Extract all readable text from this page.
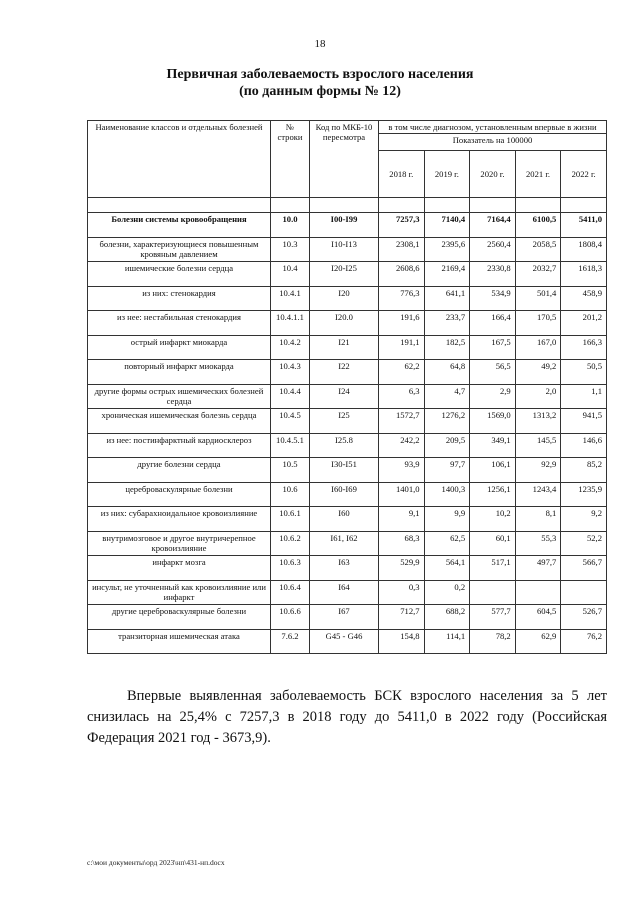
18
Первичная заболеваемость взрослого населения
(по данным формы № 12)
Наименование классов и отдельных болезней	№ строки	Код по МКБ-10 пересмотра	в том числе диагнозом, установленным впервые в жизни				
			Показатель на 100000				
			2018 г.	2019 г.	2020 г.	2021 г.	2022 г.

Болезни системы кровообращения	10.0	I00-I99	7257,3	7140,4	7164,4	6100,5	5411,0
болезни, характеризующиеся повышенным кровяным давлением	10.3	I10-I13	2308,1	2395,6	2560,4	2058,5	1808,4
ишемические болезни сердца	10.4	I20-I25	2608,6	2169,4	2330,8	2032,7	1618,3
из них: стенокардия	10.4.1	I20	776,3	641,1	534,9	501,4	458,9
из нее: нестабильная стенокардия	10.4.1.1	I20.0	191,6	233,7	166,4	170,5	201,2
острый инфаркт миокарда	10.4.2	I21	191,1	182,5	167,5	167,0	166,3
повторный инфаркт миокарда	10.4.3	I22	62,2	64,8	56,5	49,2	50,5
другие формы острых ишемических болезней сердца	10.4.4	I24	6,3	4,7	2,9	2,0	1,1
хроническая ишемическая болезнь сердца	10.4.5	I25	1572,7	1276,2	1569,0	1313,2	941,5
из нее: постинфарктный кардиосклероз	10.4.5.1	I25.8	242,2	209,5	349,1	145,5	146,6
другие болезни сердца	10.5	I30-I51	93,9	97,7	106,1	92,9	85,2
цереброваскулярные болезни	10.6	I60-I69	1401,0	1400,3	1256,1	1243,4	1235,9
из них: субарахноидальное кровоизлияние	10.6.1	I60	9,1	9,9	10,2	8,1	9,2
внутримозговое и другое внутричерепное кровоизлияние	10.6.2	I61, I62	68,3	62,5	60,1	55,3	52,2
инфаркт мозга	10.6.3	I63	529,9	564,1	517,1	497,7	566,7
инсульт, не уточненный как кровоизлияние или инфаркт	10.6.4	I64	0,3	0,2			
другие цереброваскулярные болезни	10.6.6	I67	712,7	688,2	577,7	604,5	526,7
транзиторная ишемическая атака	7.6.2	G45 - G46	154,8	114,1	78,2	62,9	76,2
Впервые выявленная заболеваемость БСК взрослого населения за 5 лет снизилась на 25,4% с 7257,3 в 2018 году до 5411,0 в 2022 году (Российская Федерация 2021 год - 3673,9).
c:\мои документы\орд 2023\нп\431-нп.docx
